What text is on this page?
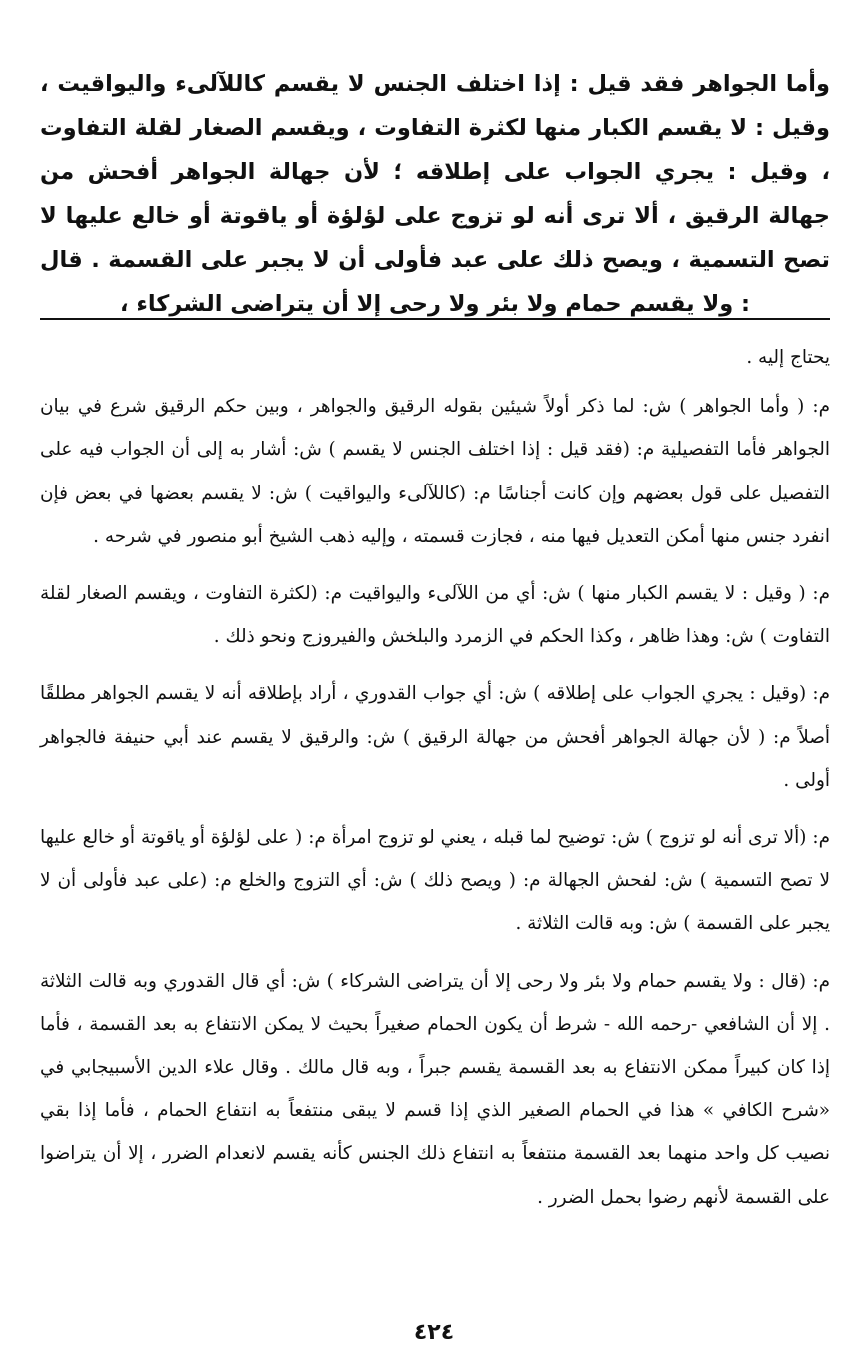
وأما الجواهر فقد قيل : إذا اختلف الجنس لا يقسم كاللآلىء واليواقيت ، وقيل : لا يقسم الكبار منها لكثرة التفاوت ، ويقسم الصغار لقلة التفاوت ، وقيل : يجري الجواب على إطلاقه ؛ لأن جهالة الجواهر أفحش من جهالة الرقيق ، ألا ترى أنه لو تزوج على لؤلؤة أو ياقوتة أو خالع عليها لا تصح التسمية ، ويصح ذلك على عبد فأولى أن لا يجبر على القسمة . قال : ولا يقسم حمام ولا بئر ولا رحى إلا أن يتراضى الشركاء ،

يحتاج إليه .

م: ( وأما الجواهر ) ش: لما ذكر أولاً شيئين بقوله الرقيق والجواهر ، وبين حكم الرقيق شرع في بيان الجواهر فأما التفصيلية م: (فقد قيل : إذا اختلف الجنس لا يقسم ) ش: أشار به إلى أن الجواب فيه على التفصيل على قول بعضهم وإن كانت أجناسًا م: (كاللآلىء واليواقيت ) ش: لا يقسم بعضها في بعض فإن انفرد جنس منها أمكن التعديل فيها منه ، فجازت قسمته ، وإليه ذهب الشيخ أبو منصور في شرحه .

م: ( وقيل : لا يقسم الكبار منها ) ش: أي من اللآلىء واليواقيت م: (لكثرة التفاوت ، ويقسم الصغار لقلة التفاوت ) ش: وهذا ظاهر ، وكذا الحكم في الزمرد والبلخش والفيروزج ونحو ذلك .

م: (وقيل : يجري الجواب على إطلاقه ) ش: أي جواب القدوري ، أراد بإطلاقه أنه لا يقسم الجواهر مطلقًا أصلاً م: ( لأن جهالة الجواهر أفحش من جهالة الرقيق ) ش: والرقيق لا يقسم عند أبي حنيفة فالجواهر أولى .

م: (ألا ترى أنه لو تزوج ) ش: توضيح لما قبله ، يعني لو تزوج امرأة م: ( على لؤلؤة أو ياقوتة أو خالع عليها لا تصح التسمية ) ش: لفحش الجهالة م: ( ويصح ذلك ) ش: أي التزوج والخلع م: (على عبد فأولى أن لا يجبر على القسمة ) ش: وبه قالت الثلاثة .

م: (قال : ولا يقسم حمام ولا بئر ولا رحى إلا أن يتراضى الشركاء ) ش: أي قال القدوري وبه قالت الثلاثة . إلا أن الشافعي -رحمه الله - شرط أن يكون الحمام صغيراً بحيث لا يمكن الانتفاع به بعد القسمة ، فأما إذا كان كبيراً ممكن الانتفاع به بعد القسمة يقسم جبراً ، وبه قال مالك . وقال علاء الدين الأسبيجابي في «شرح الكافي » هذا في الحمام الصغير الذي إذا قسم لا يبقى منتفعاً به انتفاع الحمام ، فأما إذا بقي نصيب كل واحد منهما بعد القسمة منتفعاً به انتفاع ذلك الجنس كأنه يقسم لانعدام الضرر ، إلا أن يتراضوا على القسمة لأنهم رضوا بحمل الضرر .

٤٢٤
